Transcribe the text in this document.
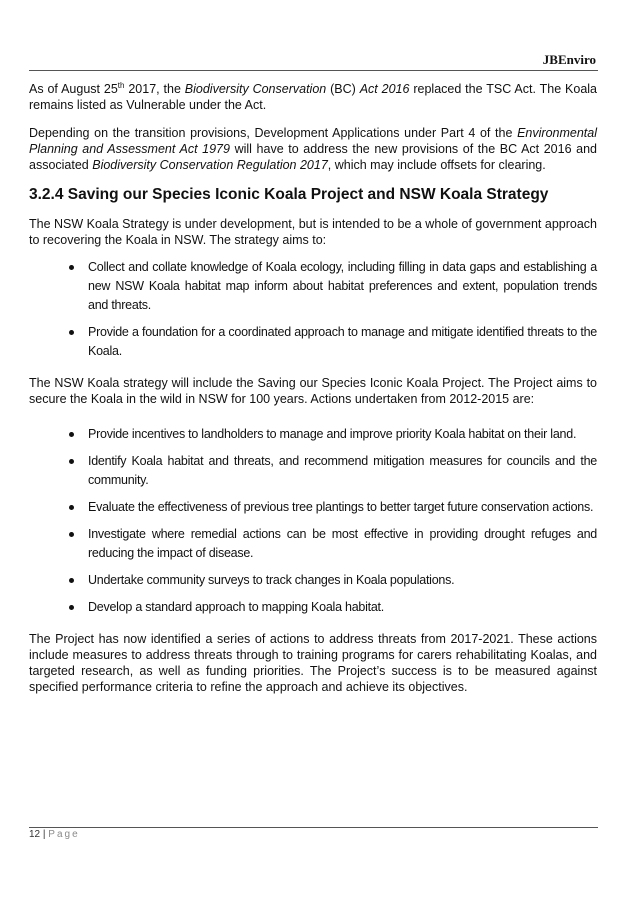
JBEnviro

As of August 25th 2017, the Biodiversity Conservation (BC) Act 2016 replaced the TSC Act. The Koala remains listed as Vulnerable under the Act.

Depending on the transition provisions, Development Applications under Part 4 of the Environmental Planning and Assessment Act 1979 will have to address the new provisions of the BC Act 2016 and associated Biodiversity Conservation Regulation 2017, which may include offsets for clearing.

3.2.4 Saving our Species Iconic Koala Project and NSW Koala Strategy

The NSW Koala Strategy is under development, but is intended to be a whole of government approach to recovering the Koala in NSW. The strategy aims to:

Collect and collate knowledge of Koala ecology, including filling in data gaps and establishing a new NSW Koala habitat map inform about habitat preferences and extent, population trends and threats.
Provide a foundation for a coordinated approach to manage and mitigate identified threats to the Koala.

The NSW Koala strategy will include the Saving our Species Iconic Koala Project. The Project aims to secure the Koala in the wild in NSW for 100 years. Actions undertaken from 2012-2015 are:

Provide incentives to landholders to manage and improve priority Koala habitat on their land.
Identify Koala habitat and threats, and recommend mitigation measures for councils and the community.
Evaluate the effectiveness of previous tree plantings to better target future conservation actions.
Investigate where remedial actions can be most effective in providing drought refuges and reducing the impact of disease.
Undertake community surveys to track changes in Koala populations.
Develop a standard approach to mapping Koala habitat.

The Project has now identified a series of actions to address threats from 2017-2021. These actions include measures to address threats through to training programs for carers rehabilitating Koalas, and targeted research, as well as funding priorities. The Project’s success is to be measured against specified performance criteria to refine the approach and achieve its objectives.

12 | Page
